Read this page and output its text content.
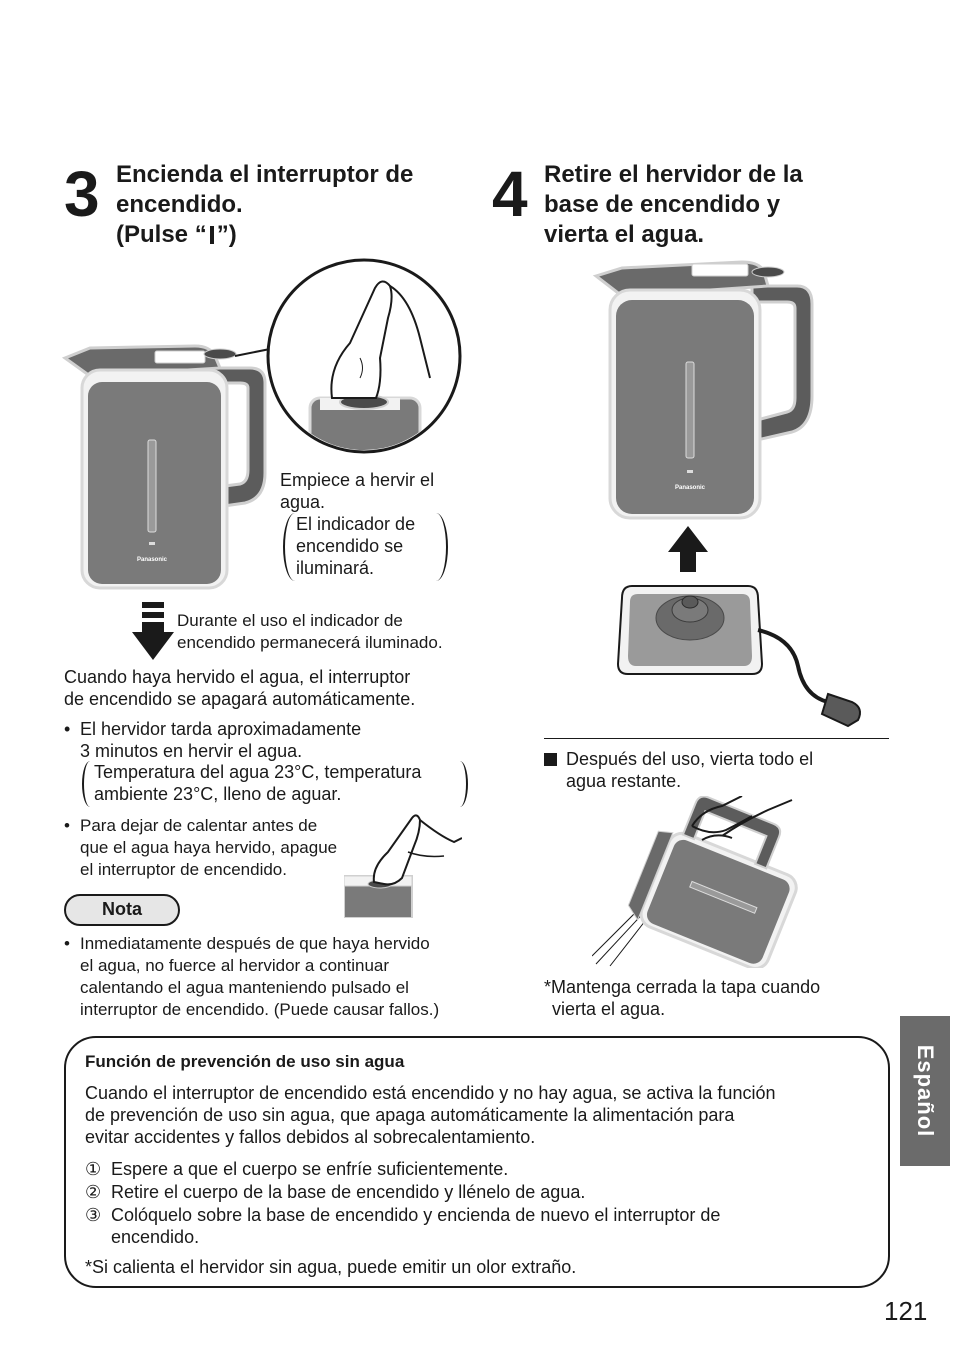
3 Encienda el interruptor de
encendido.
(Pulse “ ”)
Panasonic
Empiece a hervir el
agua.
El indicador de
encendido se
iluminará.
Durante el uso el indicador de
encendido permanecerá iluminado.
Cuando haya hervido el agua, el interruptor
de encendido se apagará automáticamente.
• El hervidor tarda aproximadamente
3 minutos en hervir el agua.
Temperatura del agua 23°C, temperatura
ambiente 23°C, lleno de aguar.
• Para dejar de calentar antes de
que el agua haya hervido, apague
el interruptor de encendido.
Nota
• Inmediatamente después de que haya hervido
el agua, no fuerce al hervidor a continuar
calentando el agua manteniendo pulsado el
interruptor de encendido. (Puede causar fallos.)
4 Retire el hervidor de la
base de encendido y
vierta el agua.
Panasonic
Después del uso, vierta todo el
agua restante.
*Mantenga cerrada la tapa cuando
vierta el agua.
Función de prevención de uso sin agua
Cuando el interruptor de encendido está encendido y no hay agua, se activa la función
de prevención de uso sin agua, que apaga automáticamente la alimentación para
evitar accidentes y fallos debidos al sobrecalentamiento.
① Espere a que el cuerpo se enfríe suficientemente.
② Retire el cuerpo de la base de encendido y llénelo de agua.
③ Colóquelo sobre la base de encendido y encienda de nuevo el interruptor de
encendido.
*Si calienta el hervidor sin agua, puede emitir un olor extraño.
Español
121
